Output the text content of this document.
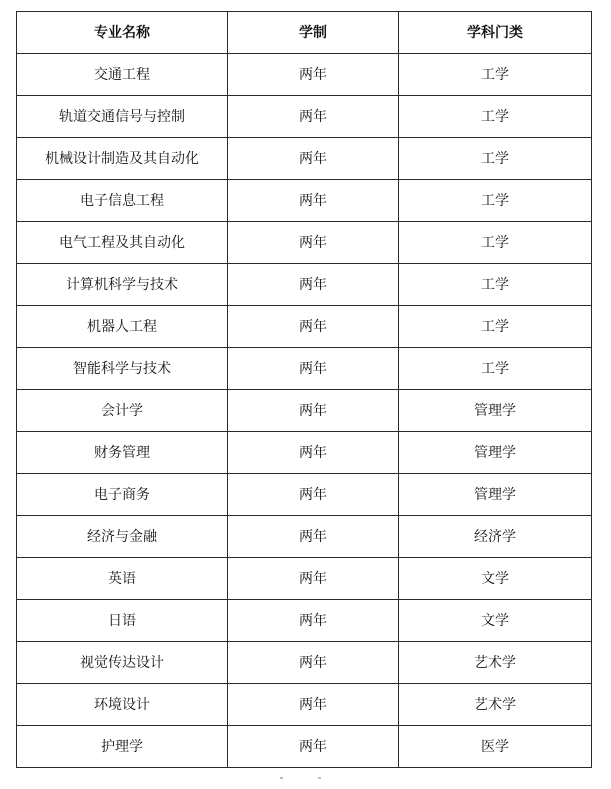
专业名称	学制	学科门类
交通工程	两年	工学
轨道交通信号与控制	两年	工学
机械设计制造及其自动化	两年	工学
电子信息工程	两年	工学
电气工程及其自动化	两年	工学
计算机科学与技术	两年	工学
机器人工程	两年	工学
智能科学与技术	两年	工学
会计学	两年	管理学
财务管理	两年	管理学
电子商务	两年	管理学
经济与金融	两年	经济学
英语	两年	文学
日语	两年	文学
视觉传达设计	两年	艺术学
环境设计	两年	艺术学
护理学	两年	医学
